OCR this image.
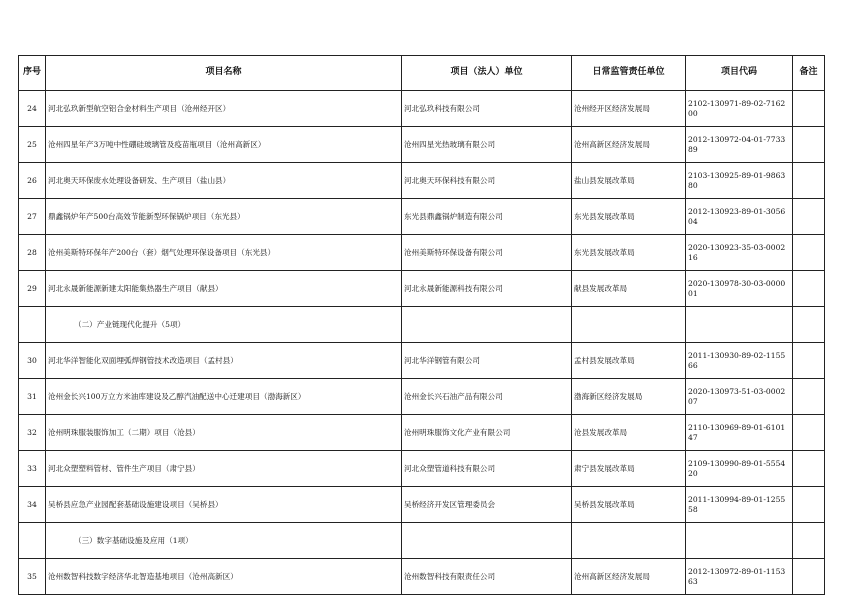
序号	项目名称	项目（法人）单位	日常监管责任单位	项目代码	备注
24	河北弘玖新型航空铝合金材料生产项目（沧州经开区）	河北弘玖科技有限公司	沧州经开区经济发展局	2102-130971-89-02-716200	
25	沧州四星年产3万吨中性硼硅玻璃管及疫苗瓶项目（沧州高新区）	沧州四星光热玻璃有限公司	沧州高新区经济发展局	2012-130972-04-01-773389	
26	河北奥天环保废水处理设备研发、生产项目（盐山县）	河北奥天环保科技有限公司	盐山县发展改革局	2103-130925-89-01-986380	
27	鼎鑫锅炉年产500台高效节能新型环保锅炉项目（东光县）	东光县鼎鑫锅炉制造有限公司	东光县发展改革局	2012-130923-89-01-305604	
28	沧州美斯特环保年产200台（套）烟气处理环保设备项目（东光县）	沧州美斯特环保设备有限公司	东光县发展改革局	2020-130923-35-03-000216	
29	河北永晟新能源新建太阳能集热器生产项目（献县）	河北永晟新能源科技有限公司	献县发展改革局	2020-130978-30-03-000001	
	（二）产业链现代化提升（5项）				
30	河北华洋智能化双面埋弧焊钢管技术改造项目（孟村县）	河北华洋钢管有限公司	孟村县发展改革局	2011-130930-89-02-115566	
31	沧州金长兴100万立方米油库建设及乙醇汽油配送中心迁建项目（渤海新区）	沧州金长兴石油产品有限公司	渤海新区经济发展局	2020-130973-51-03-000207	
32	沧州明珠服装服饰加工（二期）项目（沧县）	沧州明珠服饰文化产业有限公司	沧县发展改革局	2110-130969-89-01-610147	
33	河北众塑塑料管材、管件生产项目（肃宁县）	河北众塑管道科技有限公司	肃宁县发展改革局	2109-130990-89-01-555420	
34	吴桥县应急产业园配套基础设施建设项目（吴桥县）	吴桥经济开发区管理委员会	吴桥县发展改革局	2011-130994-89-01-125558	
	（三）数字基础设施及应用（1项）				
35	沧州数智科技数字经济华北智造基地项目（沧州高新区）	沧州数智科技有限责任公司	沧州高新区经济发展局	2012-130972-89-01-115363	
